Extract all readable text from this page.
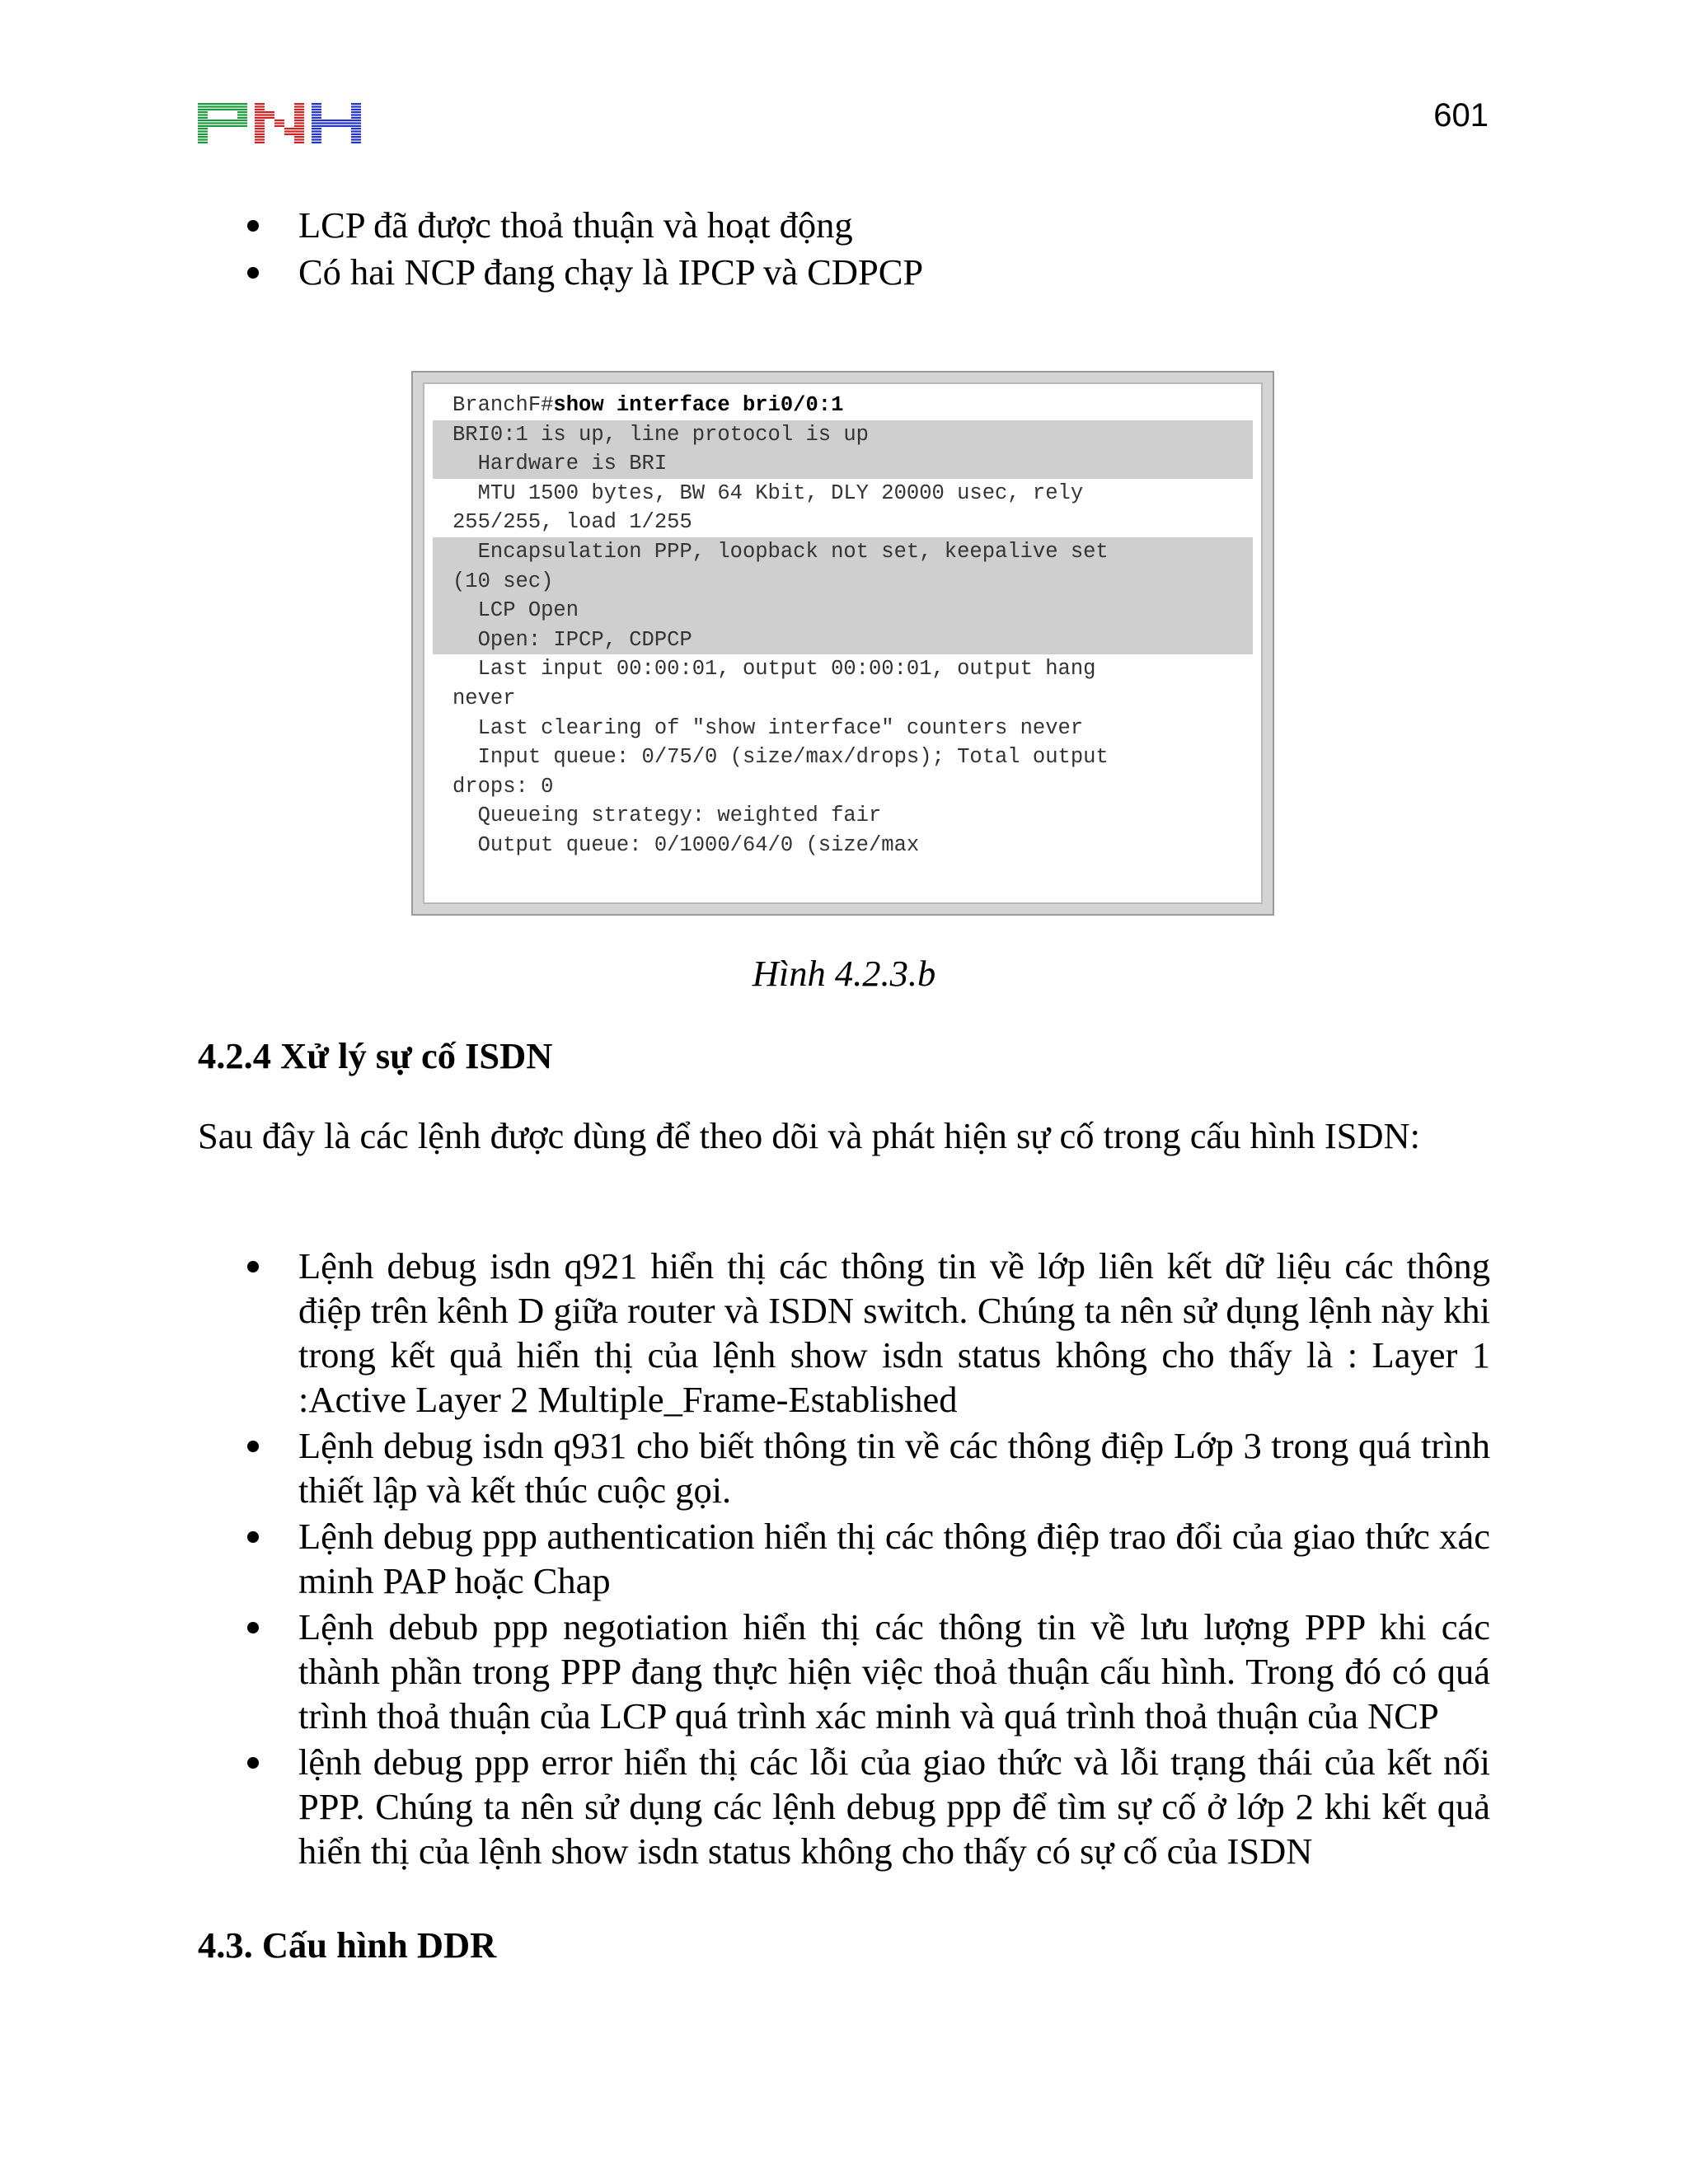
601
LCP đã được thoả thuận và hoạt động
Có hai NCP đang chạy là IPCP và CDPCP
BranchF#show interface bri0/0:1
BRI0:1 is up, line protocol is up
Hardware is BRI
MTU 1500 bytes, BW 64 Kbit, DLY 20000 usec, rely
255/255, load 1/255
Encapsulation PPP, loopback not set, keepalive set
(10 sec)
LCP Open
Open: IPCP, CDPCP
Last input 00:00:01, output 00:00:01, output hang
never
Last clearing of "show interface" counters never
Input queue: 0/75/0 (size/max/drops); Total output
drops: 0
Queueing strategy: weighted fair
Output queue: 0/1000/64/0 (size/max
Hình 4.2.3.b
4.2.4 Xử lý sự cố ISDN
Sau đây là các lệnh được dùng để theo dõi và phát hiện sự cố trong cấu hình ISDN:
Lệnh debug isdn q921 hiển thị các thông tin về lớp liên kết dữ liệu các thông điệp trên kênh D giữa router và ISDN switch. Chúng ta nên sử dụng lệnh này khi trong kết quả hiển thị của lệnh show isdn status không cho thấy là : Layer 1 :Active Layer 2 Multiple_Frame-Established
Lệnh debug isdn q931 cho biết thông tin về các thông điệp Lớp 3 trong quá trình thiết lập và kết thúc cuộc gọi.
Lệnh debug ppp authentication hiển thị các thông điệp trao đổi của giao thức xác minh PAP hoặc Chap
Lệnh debub ppp negotiation hiển thị các thông tin về lưu lượng PPP khi các thành phần trong PPP đang thực hiện việc thoả thuận cấu hình. Trong đó có quá trình thoả thuận của LCP quá trình xác minh và quá trình thoả thuận của NCP
lệnh debug ppp error hiển thị các lỗi của giao thức và lỗi trạng thái của kết nối PPP. Chúng ta nên sử dụng các lệnh debug ppp để tìm sự cố ở lớp 2 khi kết quả hiển thị của lệnh show isdn status không cho thấy có sự cố của ISDN
4.3. Cấu hình DDR
